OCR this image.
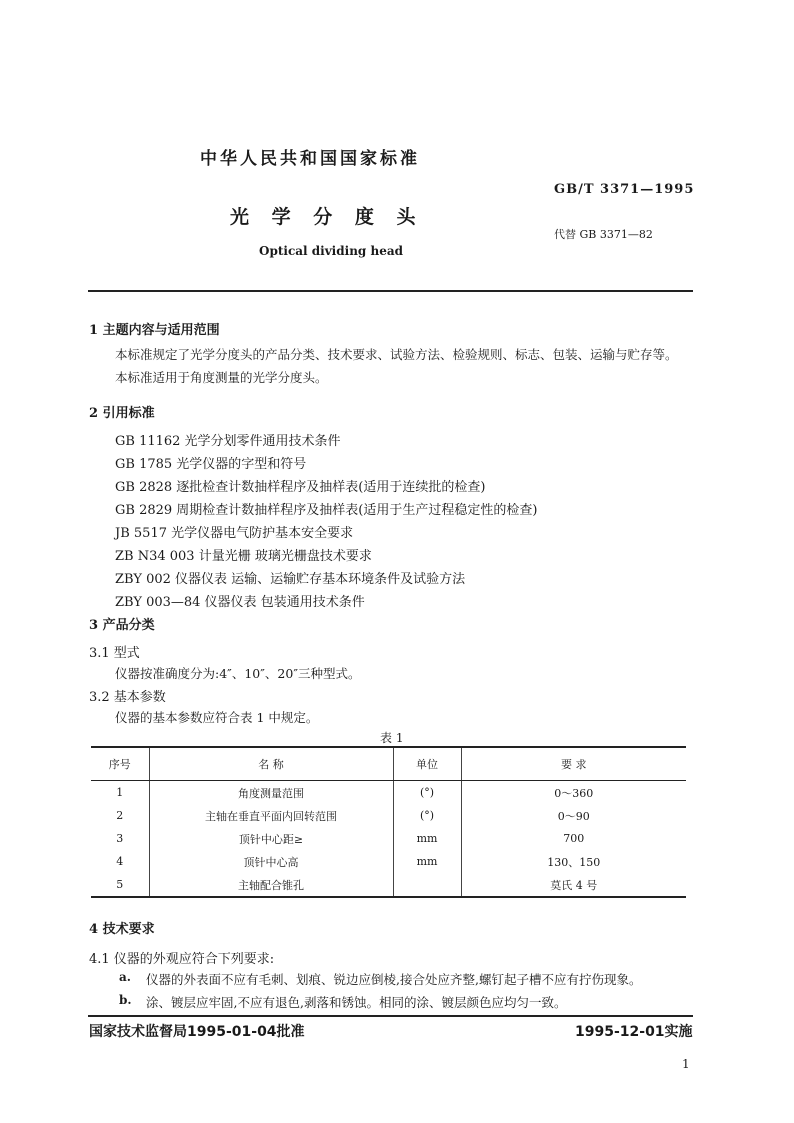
中华人民共和国国家标准
GB/T 3371—1995
光 学 分 度 头
代替 GB 3371—82
Optical dividing head
1 主题内容与适用范围
本标准规定了光学分度头的产品分类、技术要求、试验方法、检验规则、标志、包装、运输与贮存等。
本标准适用于角度测量的光学分度头。
2 引用标准
GB 11162 光学分划零件通用技术条件
GB 1785 光学仪器的字型和符号
GB 2828 逐批检查计数抽样程序及抽样表(适用于连续批的检查)
GB 2829 周期检查计数抽样程序及抽样表(适用于生产过程稳定性的检查)
JB 5517 光学仪器电气防护基本安全要求
ZB N34 003 计量光栅 玻璃光栅盘技术要求
ZBY 002 仪器仪表 运输、运输贮存基本环境条件及试验方法
ZBY 003—84 仪器仪表 包装通用技术条件
3 产品分类
3.1 型式
仪器按准确度分为:4″、10″、20″三种型式。
3.2 基本参数
仪器的基本参数应符合表 1 中规定。
表 1
序号	名 称	单位	要 求
1	角度测量范围	(°)	0～360
2	主轴在垂直平面内回转范围	(°)	0～90
3	顶针中心距≥	mm	700
4	顶针中心高	mm	130、150
5	主轴配合锥孔		莫氏 4 号
4 技术要求
4.1 仪器的外观应符合下列要求:
a. 仪器的外表面不应有毛刺、划痕、锐边应倒棱,接合处应齐整,螺钉起子槽不应有拧伤现象。
b. 涂、镀层应牢固,不应有退色,剥落和锈蚀。相同的涂、镀层颜色应均匀一致。
国家技术监督局1995-01-04批准	1995-12-01实施
1
